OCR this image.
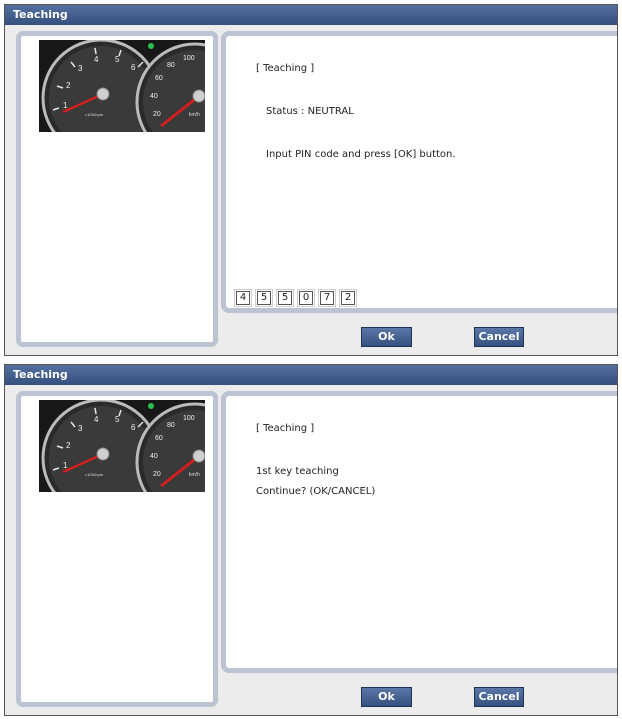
Teaching
1
2
3
4 5
6
×1000rpm	20
40
60
80
100
km/h
[ Teaching ]
Status : NEUTRAL
Input PIN code and press [OK] button.
4	5	5	0	7	2
Ok	Cancel
Teaching
1
2
3
4 5
6
×1000rpm	20
40
60
80
100
km/h
[ Teaching ]
1st key teaching
Continue? (OK/CANCEL)
Ok	Cancel
